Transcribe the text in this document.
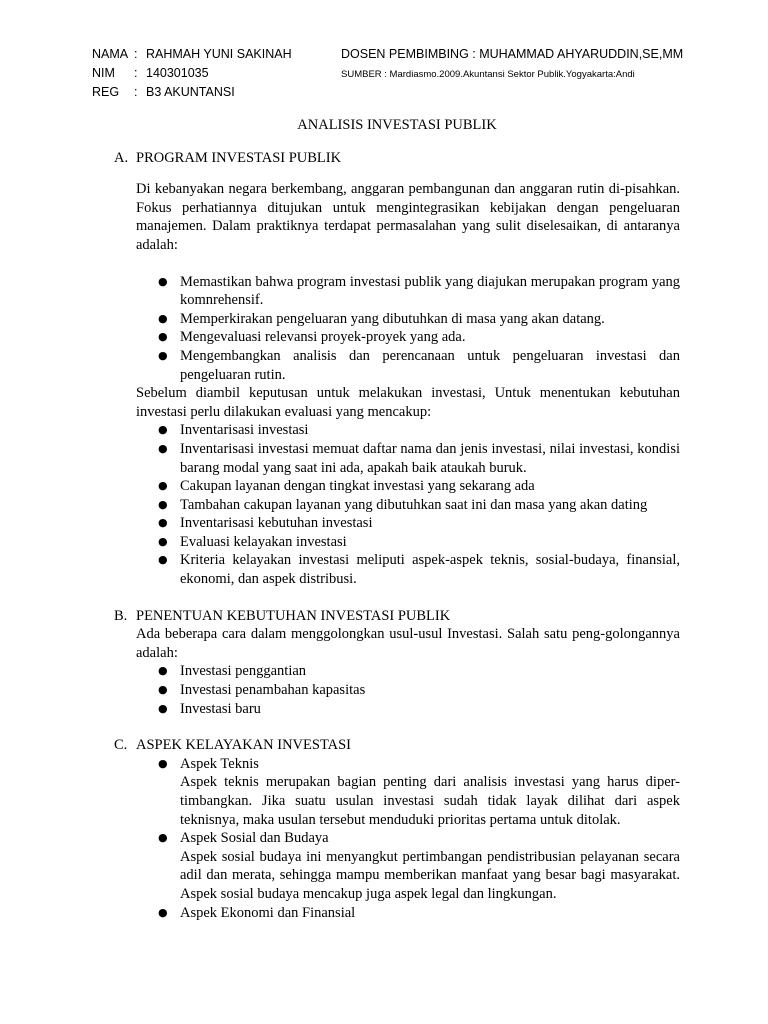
NAMA : RAHMAH YUNI SAKINAH
NIM	: 140301035
REG	: B3 AKUNTANSI
DOSEN PEMBIMBING : MUHAMMAD AHYARUDDIN,SE,MM
SUMBER : Mardiasmo.2009.Akuntansi Sektor Publik.Yogyakarta:Andi
ANALISIS INVESTASI PUBLIK
A. PROGRAM INVESTASI PUBLIK

Di kebanyakan negara berkembang, anggaran pembangunan dan anggaran rutin di-pisahkan. Fokus perhatiannya ditujukan untuk mengintegrasikan kebijakan dengan pengeluaran manajemen. Dalam praktiknya terdapat permasalahan yang sulit diselesaikan, di antaranya adalah:

● Memastikan bahwa program investasi publik yang diajukan merupakan program yang komnrehensif.
● Memperkirakan pengeluaran yang dibutuhkan di masa yang akan datang.
● Mengevaluasi relevansi proyek-proyek yang ada.
● Mengembangkan analisis dan perencanaan untuk pengeluaran investasi dan pengeluaran rutin.

Sebelum diambil keputusan untuk melakukan investasi, Untuk menentukan kebutuhan investasi perlu dilakukan evaluasi yang mencakup:

● Inventarisasi investasi
● Inventarisasi investasi memuat daftar nama dan jenis investasi, nilai investasi, kondisi barang modal yang saat ini ada, apakah baik ataukah buruk.
● Cakupan layanan dengan tingkat investasi yang sekarang ada
● Tambahan cakupan layanan yang dibutuhkan saat ini dan masa yang akan dating
● Inventarisasi kebutuhan investasi
● Evaluasi kelayakan investasi
● Kriteria kelayakan investasi meliputi aspek-aspek teknis, sosial-budaya, finansial, ekonomi, dan aspek distribusi.
B. PENENTUAN KEBUTUHAN INVESTASI PUBLIK

Ada beberapa cara dalam menggolongkan usul-usul Investasi. Salah satu peng-golongannya adalah:

● Investasi penggantian
● Investasi penambahan kapasitas
● Investasi baru
C. ASPEK KELAYAKAN INVESTASI
● Aspek Teknis
Aspek teknis merupakan bagian penting dari analisis investasi yang harus diper-timbangkan. Jika suatu usulan investasi sudah tidak layak dilihat dari aspek teknisnya, maka usulan tersebut menduduki prioritas pertama untuk ditolak.
● Aspek Sosial dan Budaya
Aspek sosial budaya ini menyangkut pertimbangan pendistribusian pelayanan secara adil dan merata, sehingga mampu memberikan manfaat yang besar bagi masyarakat. Aspek sosial budaya mencakup juga aspek legal dan lingkungan.
● Aspek Ekonomi dan Finansial
